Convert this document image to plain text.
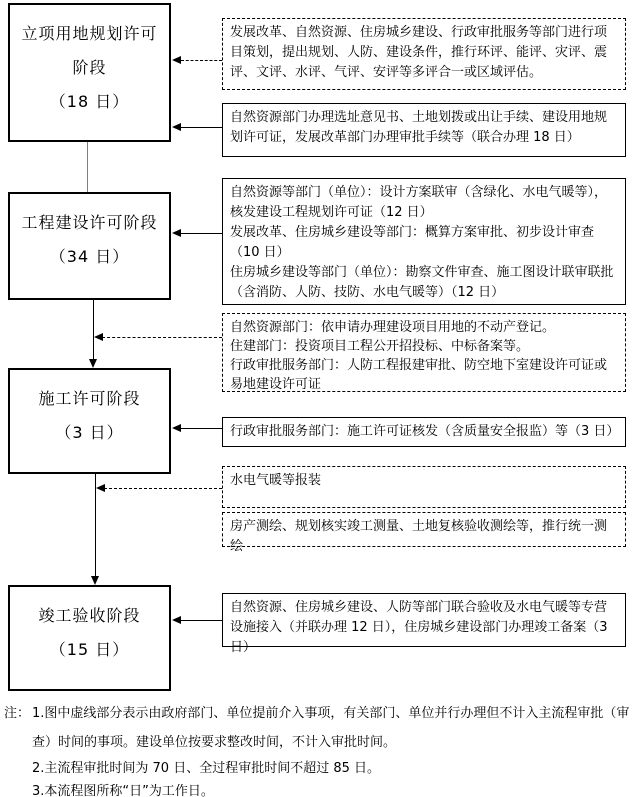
立项用地规划许可
阶段
（18 日）
工程建设许可阶段
（34 日）
施工许可阶段
（3 日）
竣工验收阶段
（15 日）
发展改革、自然资源、住房城乡建设、行政审批服务等部门进行项目策划，提出规划、人防、建设条件，推行环评、能评、灾评、震评、文评、水评、气评、安评等多评合一或区域评估。
自然资源部门办理选址意见书、土地划拨或出让手续、建设用地规划许可证，发展改革部门办理审批手续等（联合办理 18 日）
自然资源等部门（单位）：设计方案联审（含绿化、水电气暖等），核发建设工程规划许可证（12 日）
发展改革、住房城乡建设等部门：概算方案审批、初步设计审查（10 日）
住房城乡建设等部门（单位）：勘察文件审查、施工图设计联审联批（含消防、人防、技防、水电气暖等）（12 日）
自然资源部门：依申请办理建设项目用地的不动产登记。
住建部门：投资项目工程公开招投标、中标备案等。
行政审批服务部门：人防工程报建审批、防空地下室建设许可证或易地建设许可证
行政审批服务部门：施工许可证核发（含质量安全报监）等（3 日）
水电气暖等报装
房产测绘、规划核实竣工测量、土地复核验收测绘等，推行统一测绘
自然资源、住房城乡建设、人防等部门联合验收及水电气暖等专营设施接入（并联办理 12 日），住房城乡建设部门办理竣工备案（3 日）
注： 1.图中虚线部分表示由政府部门、单位提前介入事项，有关部门、单位并行办理但不计入主流程审批（审查）时间的事项。建设单位按要求整改时间，不计入审批时间。
2.主流程审批时间为 70 日、全过程审批时间不超过 85 日。
3.本流程图所称“日”为工作日。
